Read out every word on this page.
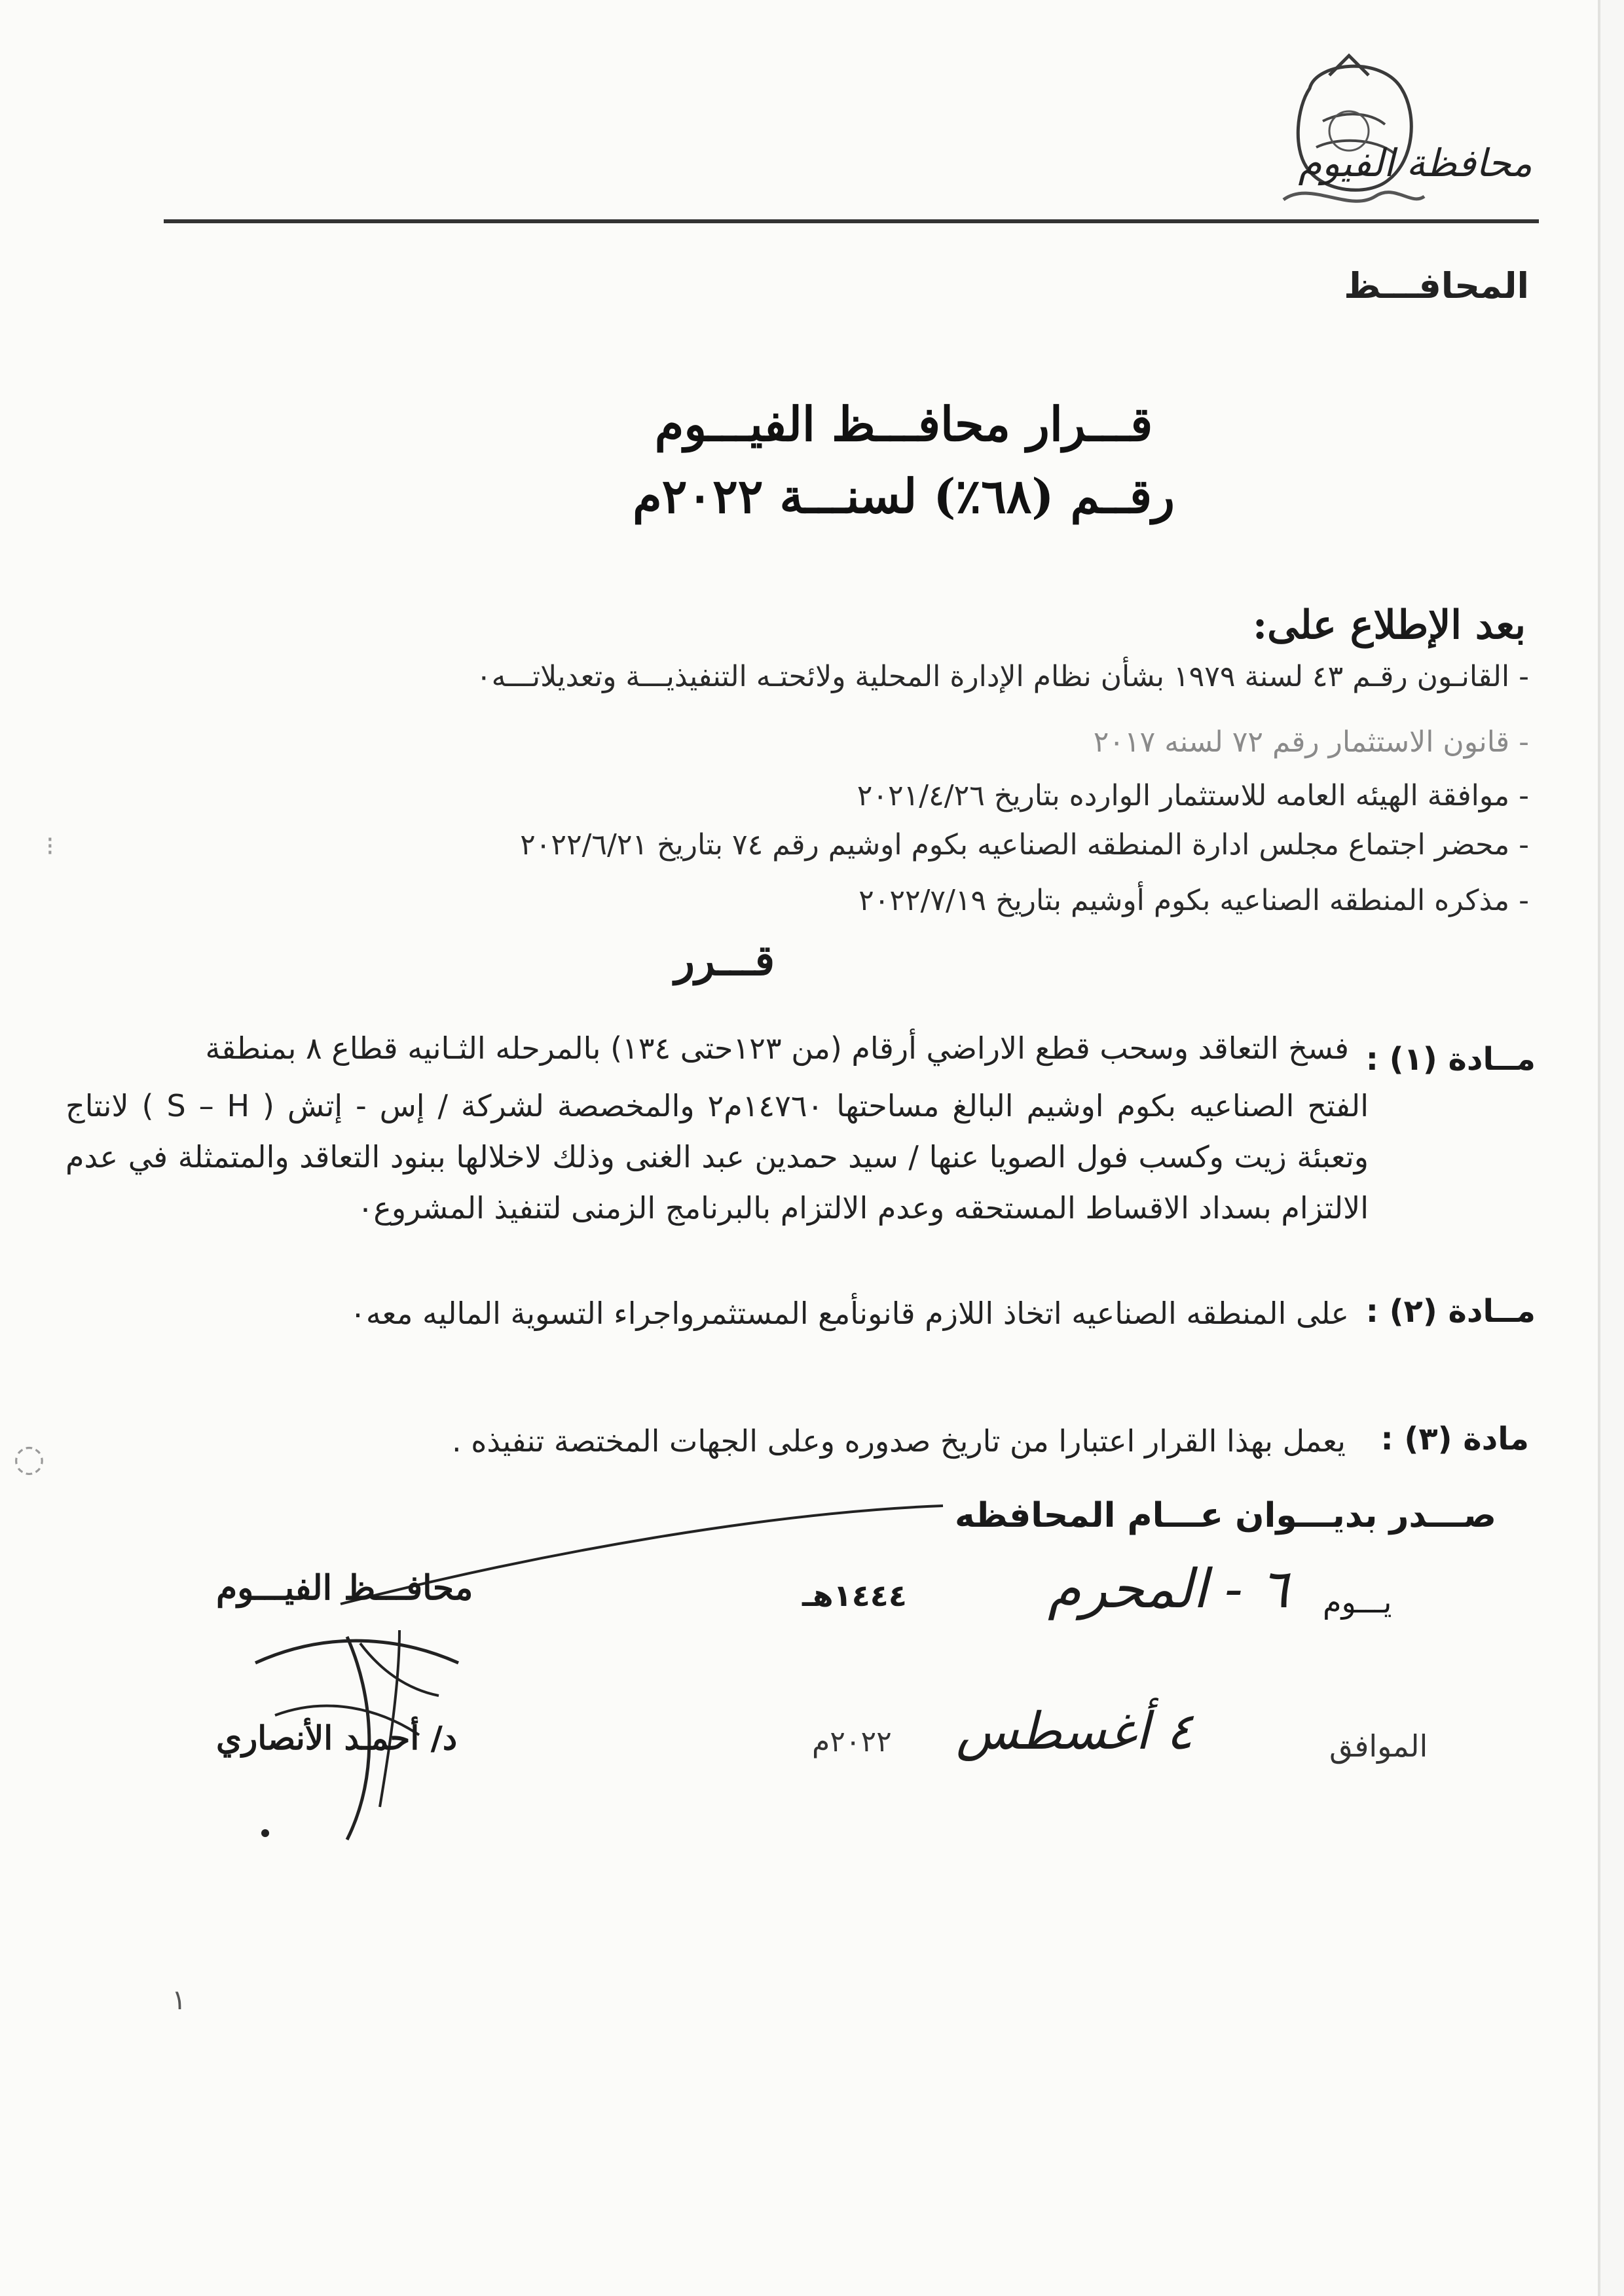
محافظة الفيوم
المحافـــظ
قـــرار محافـــظ الفيـــوم
رقــم (٦٨٪) لسنـــة ٢٠٢٢م
بعد الإطلاع على:
- القانـون رقـم ٤٣ لسنة ١٩٧٩ بشأن نظام الإدارة المحلية ولائحتـه التنفيذيـــة وتعديلاتـــه٠
- قانون الاستثمار رقم ٧٢ لسنه ٢٠١٧
- موافقة الهيئه العامه للاستثمار الوارده بتاريخ ٢٠٢١/٤/٢٦
- محضر اجتماع مجلس ادارة المنطقه الصناعيه بكوم اوشيم رقم ٧٤ بتاريخ ٢٠٢٢/٦/٢١
- مذكره المنطقه الصناعيه بكوم أوشيم بتاريخ ٢٠٢٢/٧/١٩
قـــرر
مــادة (١) :
فسخ التعاقد وسحب قطع الاراضي أرقام (من ١٢٣حتى ١٣٤) بالمرحله الثـانيه قطاع ٨ بمنطقة
الفتح الصناعيه بكوم اوشيم البالغ مساحتها ١٤٧٦٠م٢ والمخصصة لشركة / إس - إتش ( S – H ) لانتاج وتعبئة زيت وكسب فول الصويا عنها / سيد حمدين عبد الغنى وذلك لاخلالها ببنود التعاقد والمتمثلة في عدم الالتزام بسداد الاقساط المستحقه وعدم الالتزام بالبرنامج الزمنى لتنفيذ المشروع٠
مــادة (٢) :
على المنطقه الصناعيه اتخاذ اللازم قانونأمع المستثمرواجراء التسوية الماليه معه٠
مادة (٣) :
يعمل بهذا القرار اعتبارا من تاريخ صدوره وعلى الجهات المختصة تنفيذه .
صـــدر بديـــوان عـــام المحافظه
محافـــظ الفيـــوم
د/ أحمـد الأنصاري
١٤٤٤هـ
٢٠٢٢م
يـــوم
٦ - المحرم
الموافق
٤ أغسطس
١
⁝
◌
